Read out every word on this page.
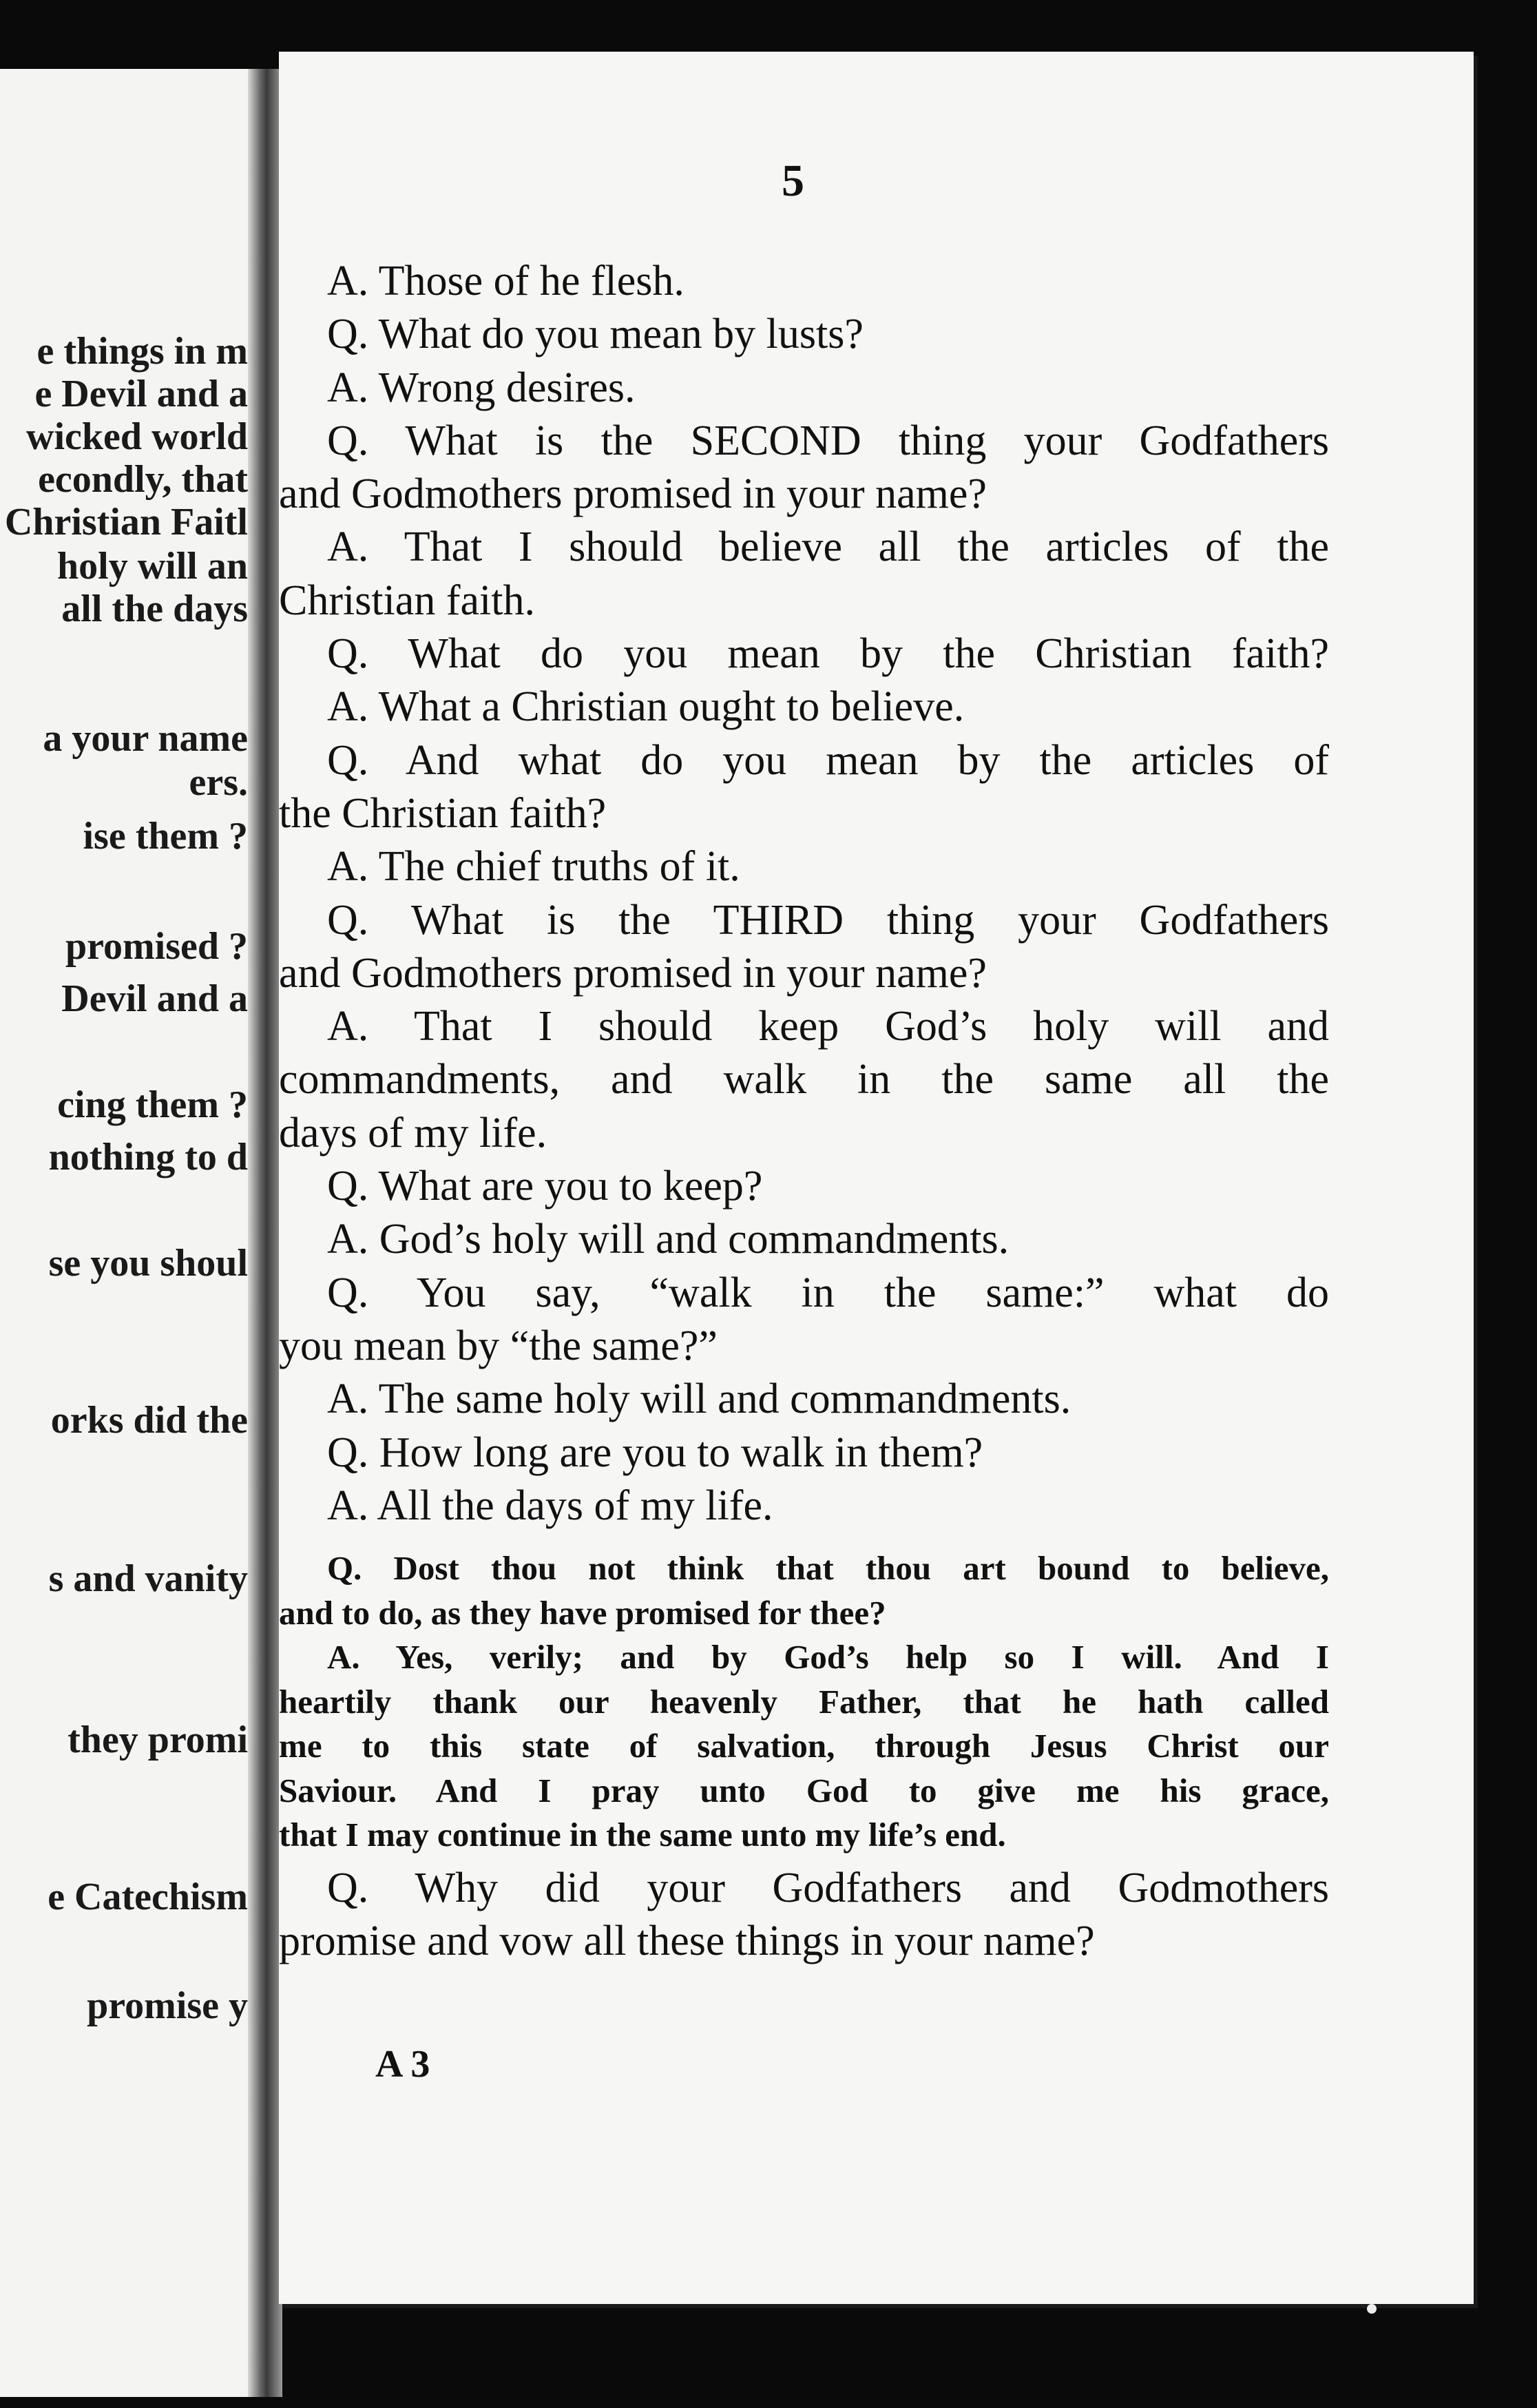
e things in m
e Devil and a
wicked world
econdly, that
Christian Faitl
holy will an
all the days
a your name
ers.
ise them ?
promised ?
Devil and a
cing them ?
nothing to d
se you shoul
orks did the
s and vanity
they promi
e Catechism
promise y
5
A. Those of he flesh.
Q. What do you mean by lusts?
A. Wrong desires.
Q. What is the SECOND thing your Godfathers
and Godmothers promised in your name?
A. That I should believe all the articles of the
Christian faith.
Q. What do you mean by the Christian faith?
A. What a Christian ought to believe.
Q. And what do you mean by the articles of
the Christian faith?
A. The chief truths of it.
Q. What is the THIRD thing your Godfathers
and Godmothers promised in your name?
A. That I should keep God’s holy will and
commandments, and walk in the same all the
days of my life.
Q. What are you to keep?
A. God’s holy will and commandments.
Q. You say, “walk in the same:” what do
you mean by “the same?”
A. The same holy will and commandments.
Q. How long are you to walk in them?
A. All the days of my life.
Q. Dost thou not think that thou art bound to believe,
and to do, as they have promised for thee?
A. Yes, verily; and by God’s help so I will. And I
heartily thank our heavenly Father, that he hath called
me to this state of salvation, through Jesus Christ our
Saviour. And I pray unto God to give me his grace,
that I may continue in the same unto my life’s end.
Q. Why did your Godfathers and Godmothers
promise and vow all these things in your name?
A 3
